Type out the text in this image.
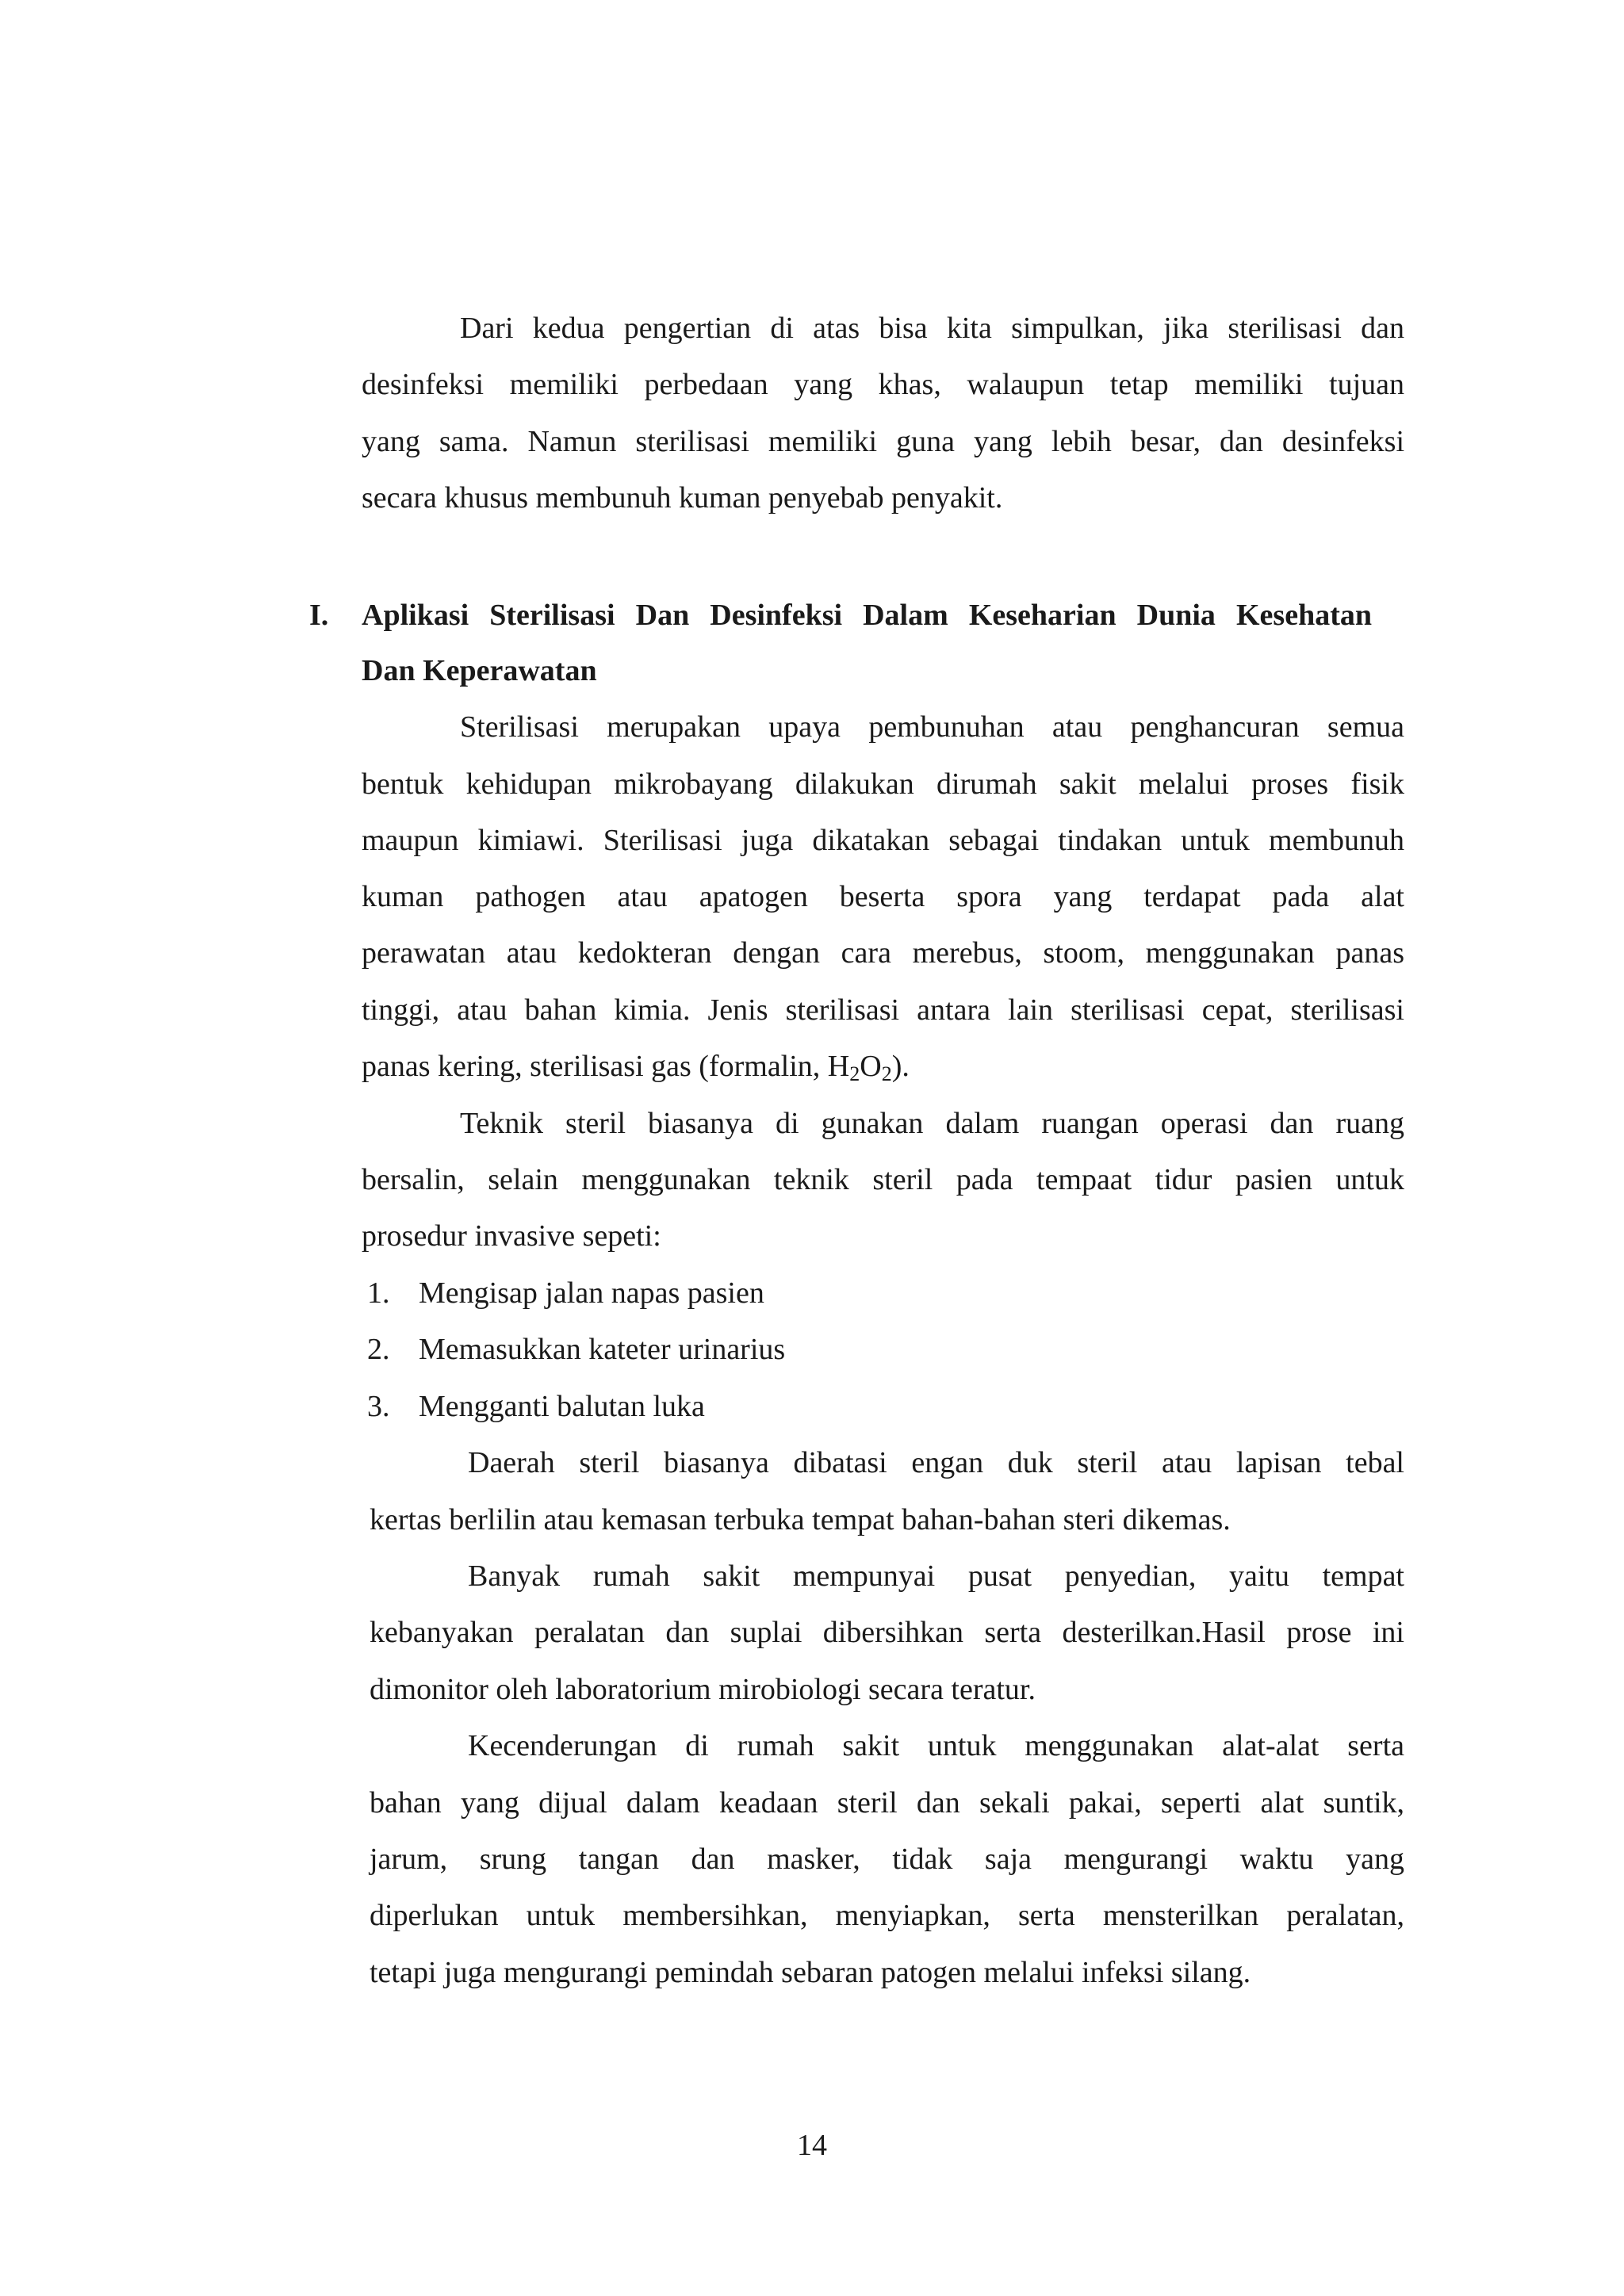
Dari kedua pengertian di atas bisa kita simpulkan, jika sterilisasi dan

desinfeksi memiliki perbedaan yang khas, walaupun tetap memiliki tujuan

yang sama. Namun sterilisasi memiliki guna yang lebih besar, dan desinfeksi

secara khusus membunuh kuman penyebab penyakit.

I. Aplikasi Sterilisasi Dan Desinfeksi Dalam Keseharian Dunia Kesehatan

Dan Keperawatan

Sterilisasi merupakan upaya pembunuhan atau penghancuran semua

bentuk kehidupan mikrobayang dilakukan dirumah sakit melalui proses fisik

maupun kimiawi. Sterilisasi juga dikatakan sebagai tindakan untuk membunuh

kuman pathogen atau apatogen beserta spora yang terdapat pada alat

perawatan atau kedokteran dengan cara merebus, stoom, menggunakan panas

tinggi, atau bahan kimia. Jenis sterilisasi antara lain sterilisasi cepat, sterilisasi

panas kering, sterilisasi gas (formalin, $H_2O_2$).

Teknik steril biasanya di gunakan dalam ruangan operasi dan ruang

bersalin, selain menggunakan teknik steril pada tempaat tidur pasien untuk

prosedur invasive sepeti:

1. Mengisap jalan napas pasien

2. Memasukkan kateter urinarius

3. Mengganti balutan luka

Daerah steril biasanya dibatasi engan duk steril atau lapisan tebal

kertas berlilin atau kemasan terbuka tempat bahan-bahan steri dikemas.

Banyak rumah sakit mempunyai pusat penyedian, yaitu tempat

kebanyakan peralatan dan suplai dibersihkan serta desterilkan.Hasil prose ini

dimonitor oleh laboratorium mirobiologi secara teratur.

Kecenderungan di rumah sakit untuk menggunakan alat-alat serta

bahan yang dijual dalam keadaan steril dan sekali pakai, seperti alat suntik,

jarum, srung tangan dan masker, tidak saja mengurangi waktu yang

diperlukan untuk membersihkan, menyiapkan, serta mensterilkan peralatan,

tetapi juga mengurangi pemindah sebaran patogen melalui infeksi silang.

14
